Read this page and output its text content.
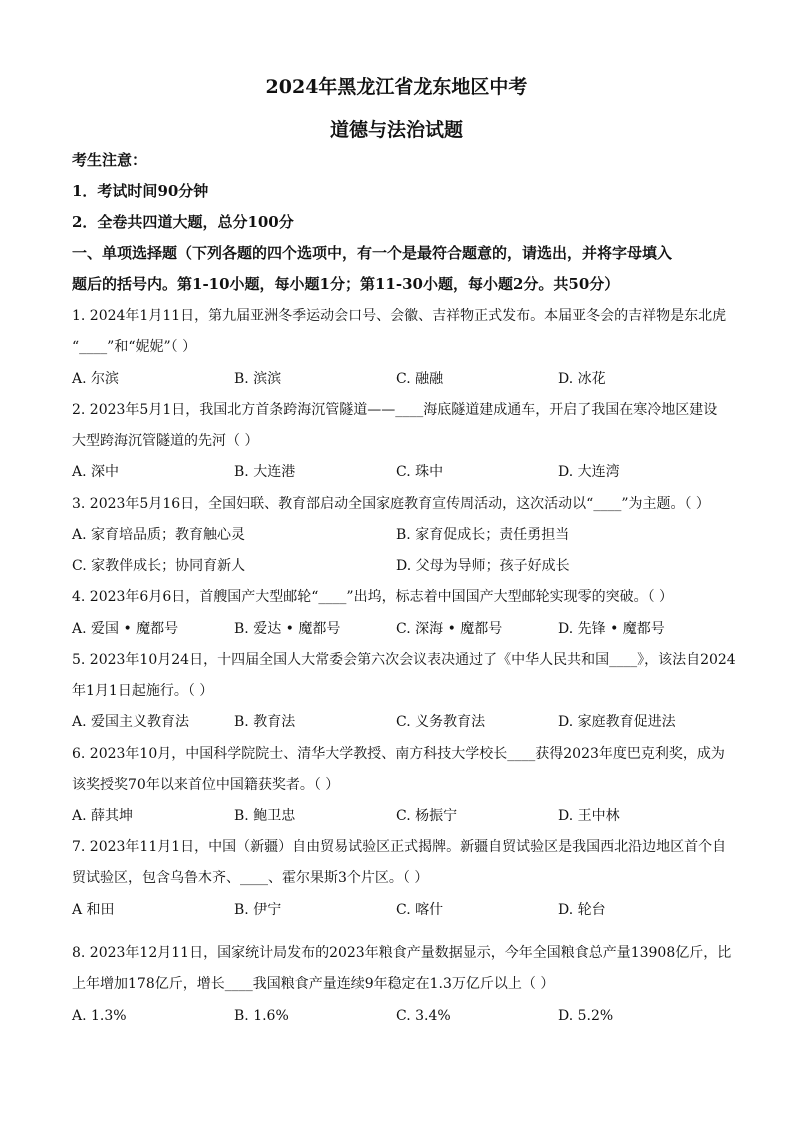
2024年黑龙江省龙东地区中考
道德与法治试题
考生注意：
1．考试时间90分钟
2．全卷共四道大题，总分100分
一、单项选择题（下列各题的四个选项中，有一个是最符合题意的，请选出，并将字母填入
题后的括号内。第1-10小题，每小题1分；第11-30小题，每小题2分。共50分）
1. 2024年1月11日，第九届亚洲冬季运动会口号、会徽、吉祥物正式发布。本届亚冬会的吉祥物是东北虎
“____”和“妮妮”（ ）
A. 尔滨	B. 滨滨	C. 融融	D. 冰花
2. 2023年5月1日，我国北方首条跨海沉管隧道——____海底隧道建成通车，开启了我国在寒冷地区建设
大型跨海沉管隧道的先河（ ）
A. 深中	B. 大连港	C. 珠中	D. 大连湾
3. 2023年5月16日，全国妇联、教育部启动全国家庭教育宣传周活动，这次活动以“____”为主题。（ ）
A. 家育培品质；教育触心灵	B. 家育促成长；责任勇担当
C. 家教伴成长；协同育新人	D. 父母为导师；孩子好成长
4. 2023年6月6日，首艘国产大型邮轮“____”出坞，标志着中国国产大型邮轮实现零的突破。（ ）
A. 爱国 • 魔都号	B. 爱达 • 魔都号	C. 深海 • 魔都号	D. 先锋 • 魔都号
5. 2023年10月24日，十四届全国人大常委会第六次会议表决通过了《中华人民共和国____》，该法自2024
年1月1日起施行。（ ）
A. 爱国主义教育法	B. 教育法	C. 义务教育法	D. 家庭教育促进法
6. 2023年10月，中国科学院院士、清华大学教授、南方科技大学校长____获得2023年度巴克利奖，成为
该奖授奖70年以来首位中国籍获奖者。（ ）
A. 薛其坤	B. 鲍卫忠	C. 杨振宁	D. 王中林
7. 2023年11月1日，中国（新疆）自由贸易试验区正式揭牌。新疆自贸试验区是我国西北沿边地区首个自
贸试验区，包含乌鲁木齐、____、霍尔果斯3个片区。（ ）
A 和田	B. 伊宁	C. 喀什	D. 轮台
8. 2023年12月11日，国家统计局发布的2023年粮食产量数据显示，今年全国粮食总产量13908亿斤，比
上年增加178亿斤，增长____我国粮食产量连续9年稳定在1.3万亿斤以上（ ）
A. 1.3%	B. 1.6%	C. 3.4%	D. 5.2%
